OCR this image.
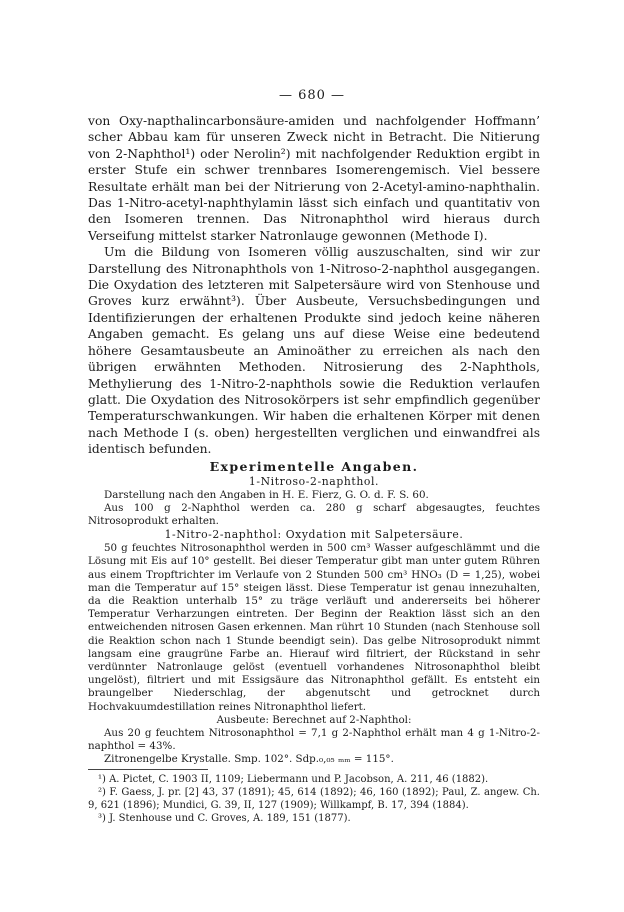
— 680 —

von Oxy-napthalincarbonsäure-amiden und nachfolgender Hoffmann’ scher Abbau kam für unseren Zweck nicht in Betracht. Die Nitierung von 2-Naphthol¹) oder Nerolin²) mit nachfolgender Reduktion ergibt in erster Stufe ein schwer trennbares Isomerengemisch. Viel bessere Resultate erhält man bei der Nitrierung von 2-Acetyl-amino-naphthalin. Das 1-Nitro-acetyl-naphthylamin lässt sich einfach und quantitativ von den Isomeren trennen. Das Nitronaphthol wird hieraus durch Verseifung mittelst starker Natronlauge gewonnen (Methode I).

Um die Bildung von Isomeren völlig auszuschalten, sind wir zur Darstellung des Nitronaphthols von 1-Nitroso-2-naphthol ausgegangen. Die Oxydation des letzteren mit Salpetersäure wird von Stenhouse und Groves kurz erwähnt³). Über Ausbeute, Versuchsbedingungen und Identifizierungen der erhaltenen Produkte sind jedoch keine näheren Angaben gemacht. Es gelang uns auf diese Weise eine bedeutend höhere Gesamtausbeute an Aminoäther zu erreichen als nach den übrigen erwähnten Methoden. Nitrosierung des 2-Naphthols, Methylierung des 1-Nitro-2-naphthols sowie die Reduktion verlaufen glatt. Die Oxydation des Nitrosokörpers ist sehr empfindlich gegenüber Temperaturschwankungen. Wir haben die erhaltenen Körper mit denen nach Methode I (s. oben) hergestellten verglichen und einwandfrei als identisch befunden.

Experimentelle Angaben.
1-Nitroso-2-naphthol.

Darstellung nach den Angaben in H. E. Fierz, G. O. d. F. S. 60.

Aus 100 g 2-Naphthol werden ca. 280 g scharf abgesaugtes, feuchtes Nitrosoprodukt erhalten.

1-Nitro-2-naphthol: Oxydation mit Salpetersäure.

50 g feuchtes Nitrosonaphthol werden in 500 cm³ Wasser aufgeschlämmt und die Lösung mit Eis auf 10° gestellt. Bei dieser Temperatur gibt man unter gutem Rühren aus einem Tropftrichter im Verlaufe von 2 Stunden 500 cm³ HNO₃ (D = 1,25), wobei man die Temperatur auf 15° steigen lässt. Diese Temperatur ist genau innezuhalten, da die Reaktion unterhalb 15° zu träge verläuft und andererseits bei höherer Temperatur Verharzungen eintreten. Der Beginn der Reaktion lässt sich an den entweichenden nitrosen Gasen erkennen. Man rührt 10 Stunden (nach Stenhouse soll die Reaktion schon nach 1 Stunde beendigt sein). Das gelbe Nitrosoprodukt nimmt langsam eine graugrüne Farbe an. Hierauf wird filtriert, der Rückstand in sehr verdünnter Natronlauge gelöst (eventuell vorhandenes Nitrosonaphthol bleibt ungelöst), filtriert und mit Essigsäure das Nitronaphthol gefällt. Es entsteht ein braungelber Niederschlag, der abgenutscht und getrocknet durch Hochvakuumdestillation reines Nitronaphthol liefert.

Ausbeute: Berechnet auf 2-Naphthol:

Aus 20 g feuchtem Nitrosonaphthol = 7,1 g 2-Naphthol erhält man 4 g 1-Nitro-2-naphthol = 43%.

Zitronengelbe Krystalle. Smp. 102°. Sdp.₀,₀₅ ₘₘ = 115°.

¹) A. Pictet, C. 1903 II, 1109; Liebermann und P. Jacobson, A. 211, 46 (1882).

²) F. Gaess, J. pr. [2] 43, 37 (1891); 45, 614 (1892); 46, 160 (1892); Paul, Z. angew. Ch. 9, 621 (1896); Mundici, G. 39, II, 127 (1909); Willkampf, B. 17, 394 (1884).

³) J. Stenhouse und C. Groves, A. 189, 151 (1877).
